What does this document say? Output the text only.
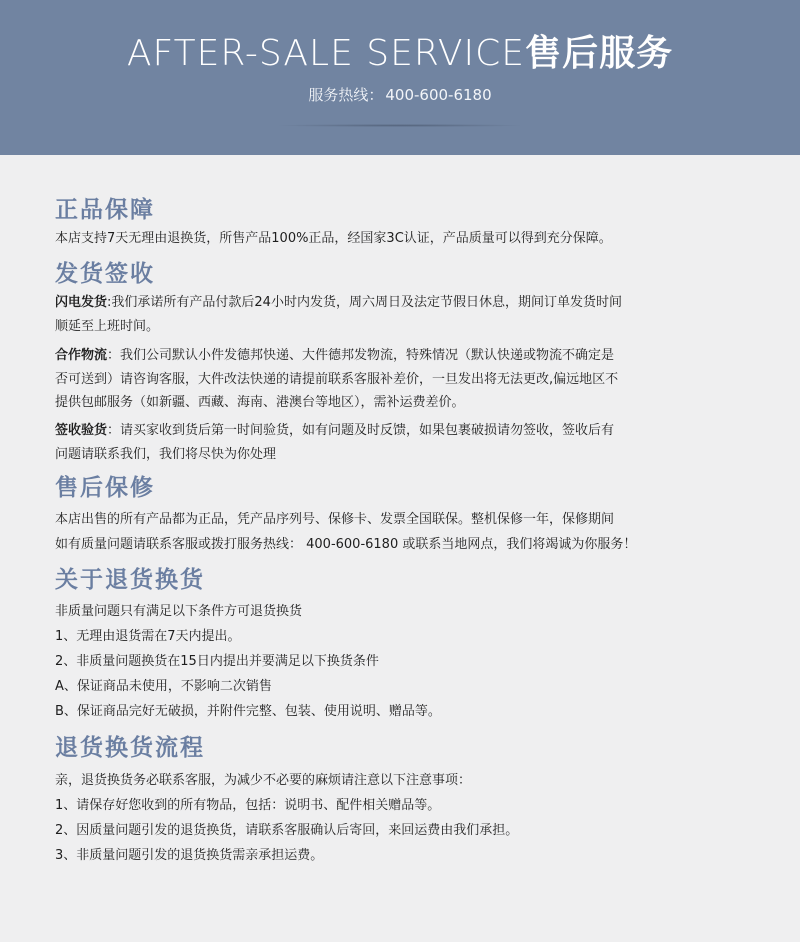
AFTER-SALE SERVICE售后服务
服务热线： 400-600-6180
正品保障
本店支持7天无理由退换货，所售产品100%正品，经国家3C认证，产品质量可以得到充分保障。
发货签收
闪电发货:我们承诺所有产品付款后24小时内发货，周六周日及法定节假日休息，期间订单发货时间
顺延至上班时间。
合作物流：我们公司默认小件发德邦快递、大件德邦发物流，特殊情况（默认快递或物流不确定是
否可送到）请咨询客服，大件改法快递的请提前联系客服补差价，一旦发出将无法更改,偏远地区不
提供包邮服务（如新疆、西藏、海南、港澳台等地区），需补运费差价。
签收验货：请买家收到货后第一时间验货，如有问题及时反馈，如果包裹破损请勿签收，签收后有
问题请联系我们，我们将尽快为你处理
售后保修
本店出售的所有产品都为正品，凭产品序列号、保修卡、发票全国联保。整机保修一年，保修期间
如有质量问题请联系客服或拨打服务热线： 400-600-6180 或联系当地网点，我们将竭诚为你服务！
关于退货换货
非质量问题只有满足以下条件方可退货换货
1、无理由退货需在7天内提出。
2、非质量问题换货在15日内提出并要满足以下换货条件
A、保证商品未使用，不影响二次销售
B、保证商品完好无破损，并附件完整、包装、使用说明、赠品等。
退货换货流程
亲，退货换货务必联系客服，为减少不必要的麻烦请注意以下注意事项：
1、请保存好您收到的所有物品，包括：说明书、配件相关赠品等。
2、因质量问题引发的退货换货，请联系客服确认后寄回，来回运费由我们承担。
3、非质量问题引发的退货换货需亲承担运费。
